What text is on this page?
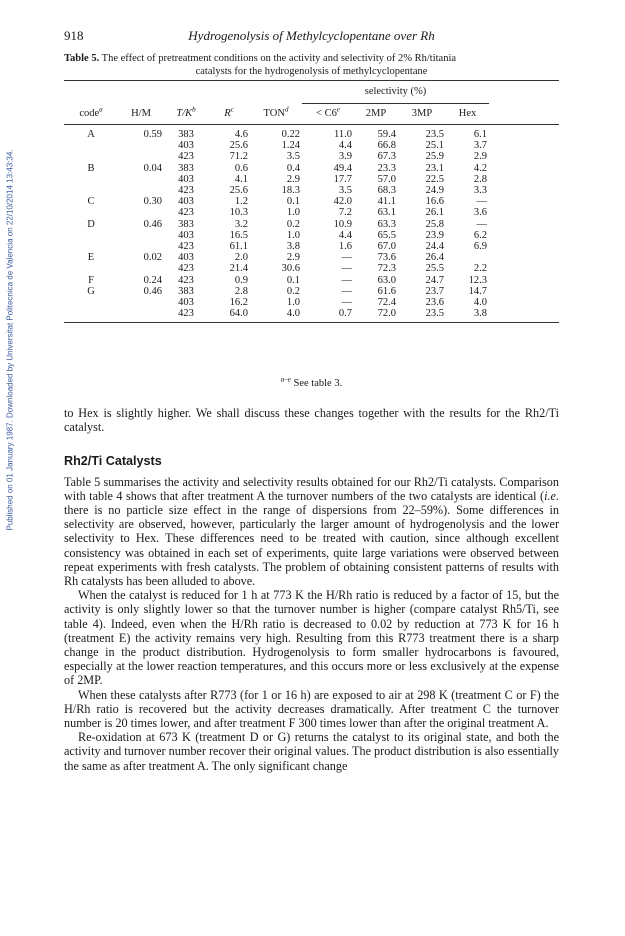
Published on 01 January 1987. Downloaded by Universitat Politecnica de Valencia on 22/10/2014 13:43:34.
918	Hydrogenolysis of Methylcyclopentane over Rh
Table 5. The effect of pretreatment conditions on the activity and selectivity of 2% Rh/titania
catalysts for the hydrogenolysis of methylcyclopentane

					selectivity (%)				
code$^a$	H/M	$T/K^b$	$R^c$	$TON^d$	< $C6^e$	2MP	3MP	Hex	
A	0.59	383	4.6	0.22	11.0	59.4	23.5	6.1	
		403	25.6	1.24	4.4	66.8	25.1	3.7	
		423	71.2	3.5	3.9	67.3	25.9	2.9	
B	0.04	383	0.6	0.4	49.4	23.3	23.1	4.2	
		403	4.1	2.9	17.7	57.0	22.5	2.8	
		423	25.6	18.3	3.5	68.3	24.9	3.3	
C	0.30	403	1.2	0.1	42.0	41.1	16.6	—	
		423	10.3	1.0	7.2	63.1	26.1	3.6	
D	0.46	383	3.2	0.2	10.9	63.3	25.8	—	
		403	16.5	1.0	4.4	65.5	23.9	6.2	
		423	61.1	3.8	1.6	67.0	24.4	6.9	
E	0.02	403	2.0	2.9	—	73.6	26.4		
		423	21.4	30.6	—	72.3	25.5	2.2	
F	0.24	423	0.9	0.1	—	63.0	24.7	12.3	
G	0.46	383	2.8	0.2	—	61.6	23.7	14.7	
		403	16.2	1.0	—	72.4	23.6	4.0	
		423	64.0	4.0	0.7	72.0	23.5	3.8	
$^{a-e}$ See table 3.

to Hex is slightly higher. We shall discuss these changes together with the results for the Rh2/Ti catalyst.

Rh2/Ti Catalysts

Table 5 summarises the activity and selectivity results obtained for our Rh2/Ti catalysts. Comparison with table 4 shows that after treatment A the turnover numbers of the two catalysts are identical (i.e. there is no particle size effect in the range of dispersions from 22–59%). Some differences in selectivity are observed, however, particularly the larger amount of hydrogenolysis and the lower selectivity to Hex. These differences need to be treated with caution, since although excellent consistency was obtained in each set of experiments, quite large variations were observed between repeat experiments with fresh catalysts. The problem of obtaining consistent patterns of results with Rh catalysts has been alluded to above.

When the catalyst is reduced for 1 h at 773 K the H/Rh ratio is reduced by a factor of 15, but the activity is only slightly lower so that the turnover number is higher (compare catalyst Rh5/Ti, see table 4). Indeed, even when the H/Rh ratio is decreased to 0.02 by reduction at 773 K for 16 h (treatment E) the activity remains very high. Resulting from this R773 treatment there is a sharp change in the product distribution. Hydrogenolysis to form smaller hydrocarbons is favoured, especially at the lower reaction temperatures, and this occurs more or less exclusively at the expense of 2MP.

When these catalysts after R773 (for 1 or 16 h) are exposed to air at 298 K (treatment C or F) the H/Rh ratio is recovered but the activity decreases dramatically. After treatment C the turnover number is 20 times lower, and after treatment F 300 times lower than after the original treatment A.

Re-oxidation at 673 K (treatment D or G) returns the catalyst to its original state, and both the activity and turnover number recover their original values. The product distribution is also essentially the same as after treatment A. The only significant change
